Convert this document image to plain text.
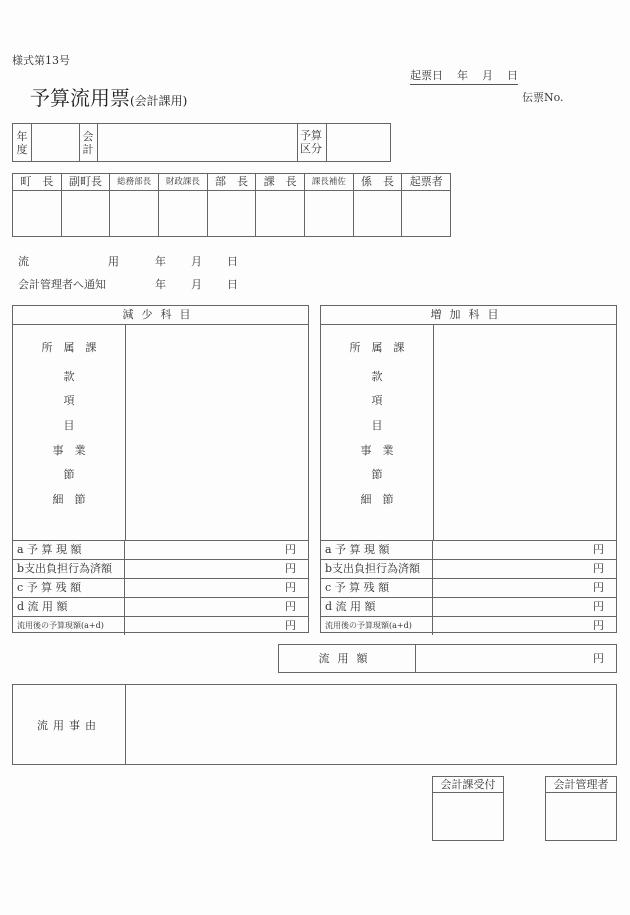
様式第13号
予算流用票(会計課用)
起票日 年 月 日
伝票No.
年度
会計
予算区分
町　長	副町長	総務部長	財政課長	部　長	課　長	課長補佐	係　長	起票者
流	用	年 月 日
会計管理者へ通知	年 月 日
減少科目
所　属　課
款
項
目
事　業
節
細　節
a 予 算 現 額	円
b支出負担行為済額	円
c 予 算 残 額	円
d 流 用 額	円
流用後の予算現額(a+d)	円
増加科目
所　属　課
款
項
目
事　業
節
細　節
a 予 算 現 額	円
b支出負担行為済額	円
c 予 算 残 額	円
d 流 用 額	円
流用後の予算現額(a+d)	円
流用額	円
流用事由
会計課受付	会計管理者
